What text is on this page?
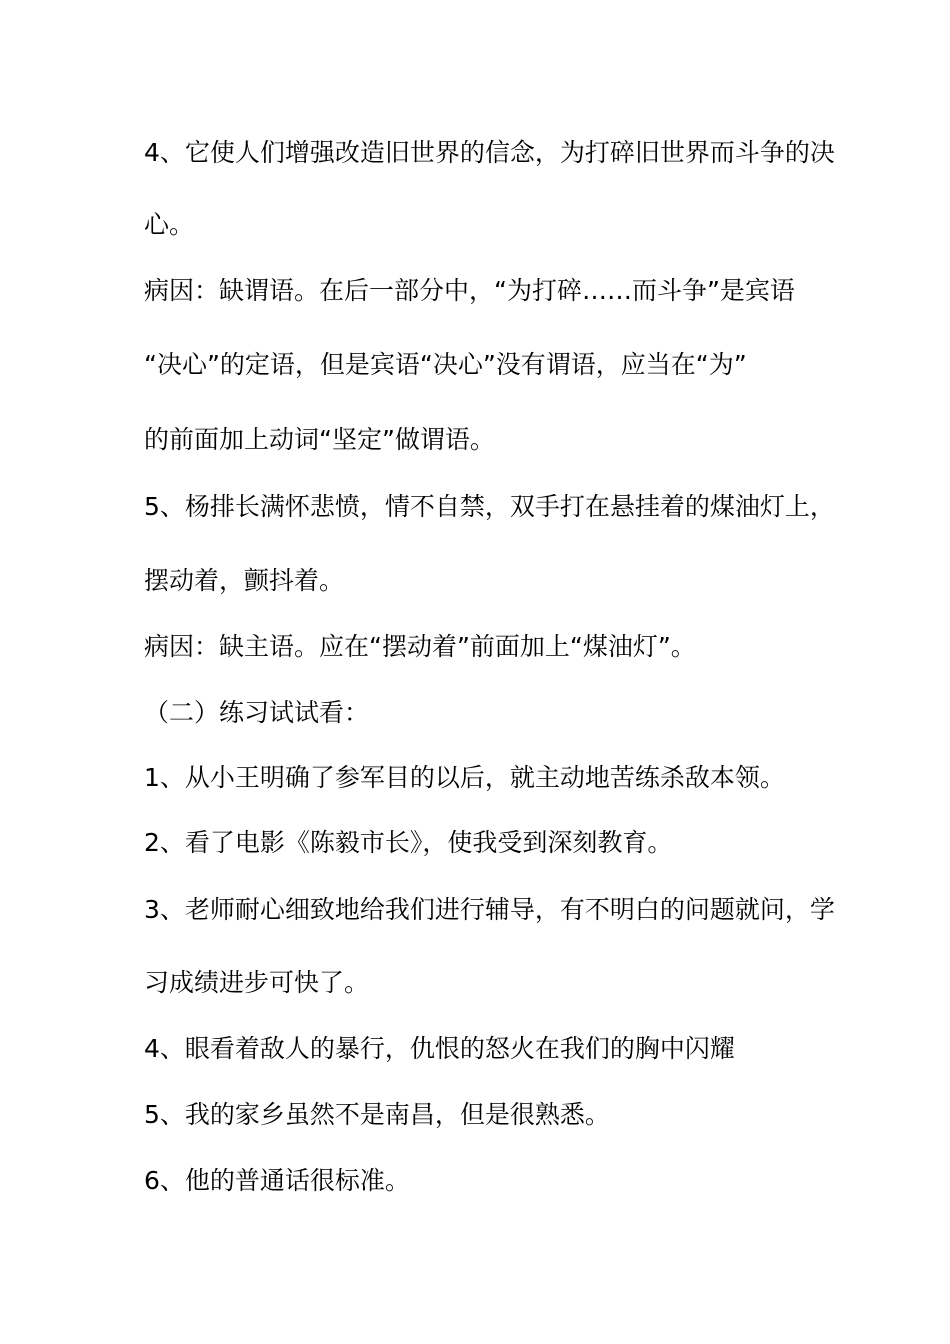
4、它使人们增强改造旧世界的信念，为打碎旧世界而斗争的决
心。
病因：缺谓语。在后一部分中，“为打碎……而斗争”是宾语
“决心”的定语，但是宾语“决心”没有谓语，应当在“为”
的前面加上动词“坚定”做谓语。
5、杨排长满怀悲愤，情不自禁，双手打在悬挂着的煤油灯上，
摆动着，颤抖着。
病因：缺主语。应在“摆动着”前面加上“煤油灯”。
（二）练习试试看：
1、从小王明确了参军目的以后，就主动地苦练杀敌本领。
2、看了电影《陈毅市长》，使我受到深刻教育。
3、老师耐心细致地给我们进行辅导，有不明白的问题就问，学
习成绩进步可快了。
4、眼看着敌人的暴行，仇恨的怒火在我们的胸中闪耀
5、我的家乡虽然不是南昌，但是很熟悉。
6、他的普通话很标准。
